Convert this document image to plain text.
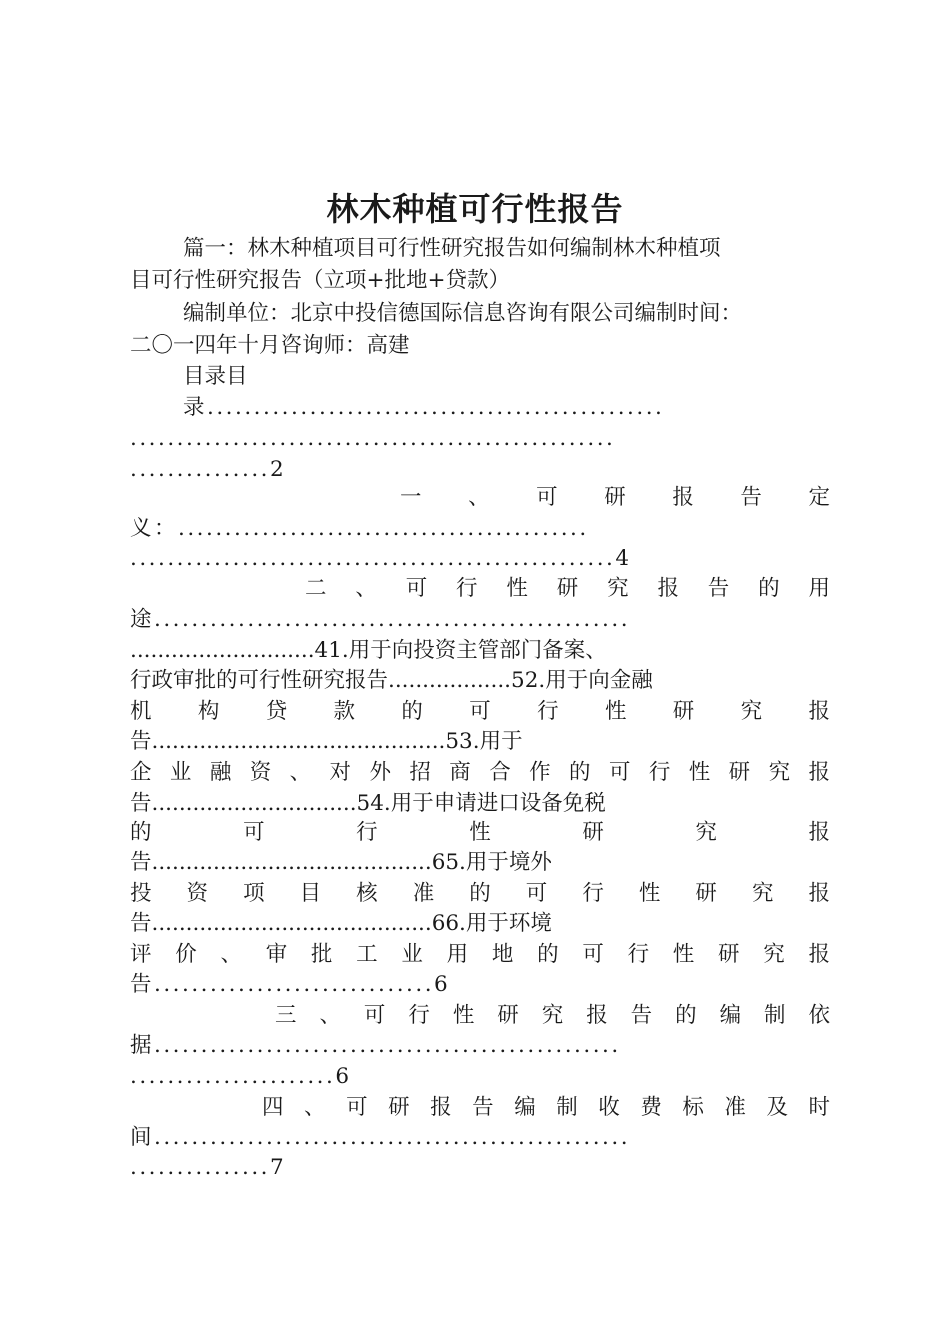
林木种植可行性报告
篇一：林木种植项目可行性研究报告如何编制林木种植项
目可行性研究报告（立项+批地+贷款）
编制单位：北京中投信德国际信息咨询有限公司编制时间：
二〇一四年十月咨询师：高建
目录目
录.................................................
....................................................
...............2
一 、 可 研 报 告 定
义：............................................
....................................................4
二 、 可 行 性 研 究 报 告 的 用
途...................................................
...........................41.用于向投资主管部门备案、
行政审批的可行性研究报告..................52.用于向金融
机 构 贷 款 的 可 行 性 研 究 报
告...........................................53.用于
企 业 融 资 、 对 外 招 商 合 作 的 可 行 性 研 究 报
告..............................54.用于申请进口设备免税
的 可 行 性 研 究 报
告.........................................65.用于境外
投 资 项 目 核 准 的 可 行 性 研 究 报
告.........................................66.用于环境
评 价 、 审 批 工 业 用 地 的 可 行 性 研 究 报
告..............................6
三 、 可 行 性 研 究 报 告 的 编 制 依
据..................................................
......................6
四 、 可 研 报 告 编 制 收 费 标 准 及 时
间...................................................
...............7
